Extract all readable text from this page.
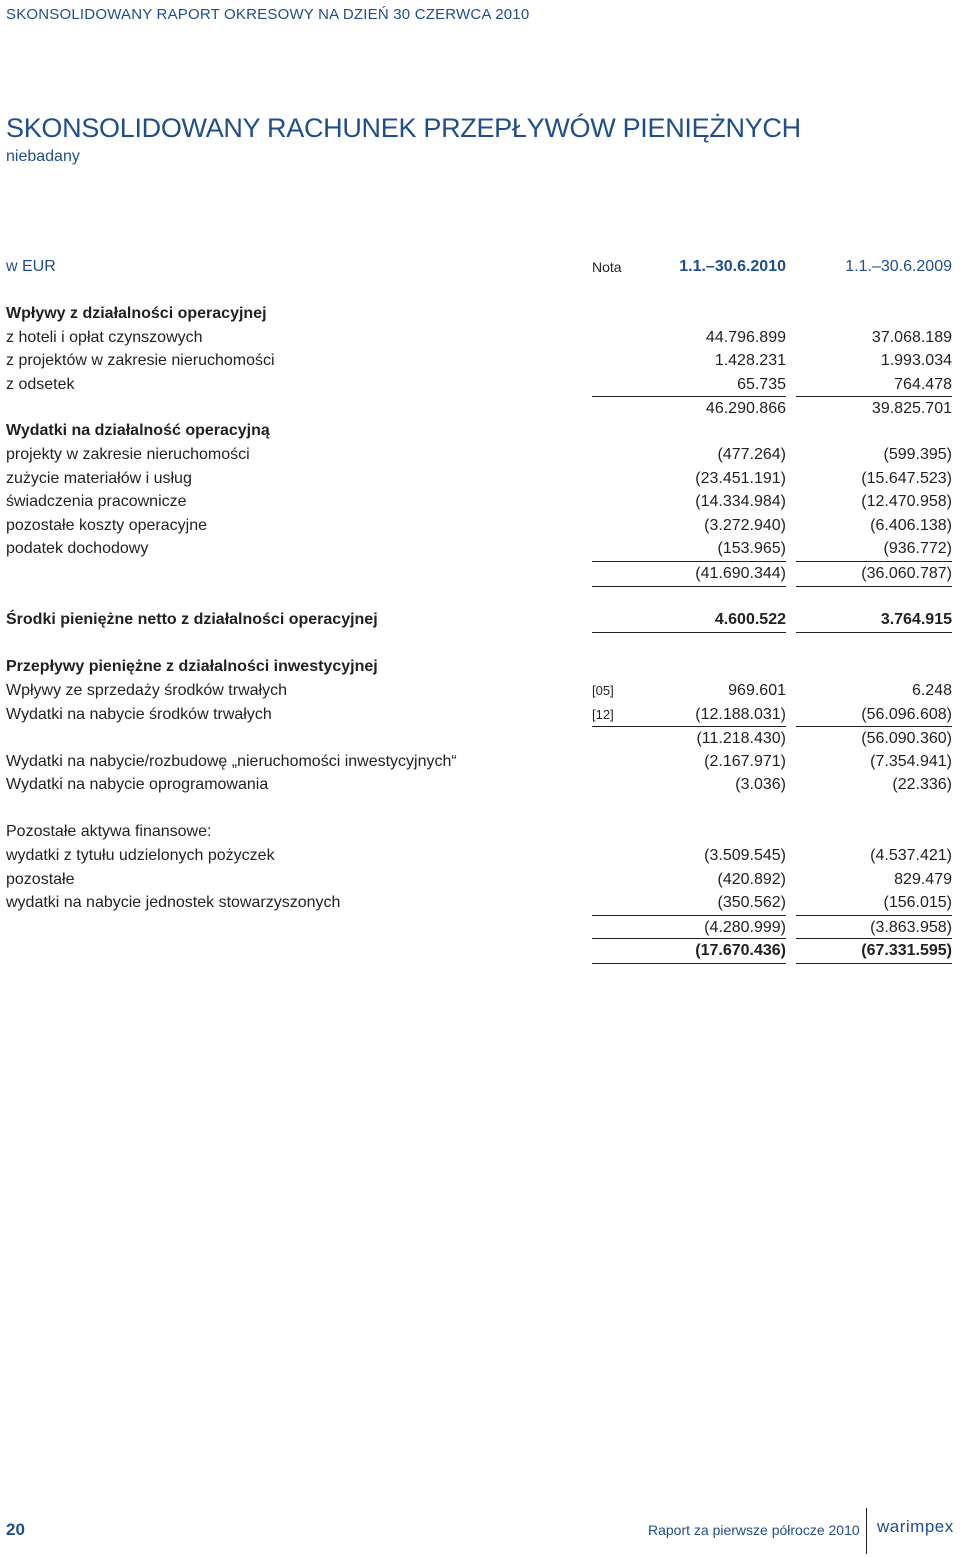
SKONSOLIDOWANY RAPORT OKRESOWY NA DZIEŃ 30 CZERWCA 2010
SKONSOLIDOWANY RACHUNEK PRZEPŁYWÓW PIENIĘŻNYCH
niebadany
w EUR	Nota	1.1.–30.6.2010	1.1.–30.6.2009
Wpływy z działalności operacyjnej
z hoteli i opłat czynszowych	44.796.899	37.068.189
z projektów w zakresie nieruchomości	1.428.231	1.993.034
z odsetek	65.735	764.478
46.290.866	39.825.701
Wydatki na działalność operacyjną
projekty w zakresie nieruchomości	(477.264)	(599.395)
zużycie materiałów i usług	(23.451.191)	(15.647.523)
świadczenia pracownicze	(14.334.984)	(12.470.958)
pozostałe koszty operacyjne	(3.272.940)	(6.406.138)
podatek dochodowy	(153.965)	(936.772)
(41.690.344)	(36.060.787)
Środki pieniężne netto z działalności operacyjnej	4.600.522	3.764.915
Przepływy pieniężne z działalności inwestycyjnej
Wpływy ze sprzedaży środków trwałych	[05]	969.601	6.248
Wydatki na nabycie środków trwałych	[12]	(12.188.031)	(56.096.608)
(11.218.430)	(56.090.360)
Wydatki na nabycie/rozbudowę „nieruchomości inwestycyjnych“	(2.167.971)	(7.354.941)
Wydatki na nabycie oprogramowania	(3.036)	(22.336)
Pozostałe aktywa finansowe:
wydatki z tytułu udzielonych pożyczek	(3.509.545)	(4.537.421)
pozostałe	(420.892)	829.479
wydatki na nabycie jednostek stowarzyszonych	(350.562)	(156.015)
(4.280.999)	(3.863.958)
(17.670.436)	(67.331.595)
20	Raport za pierwsze półrocze 2010 warimpex
